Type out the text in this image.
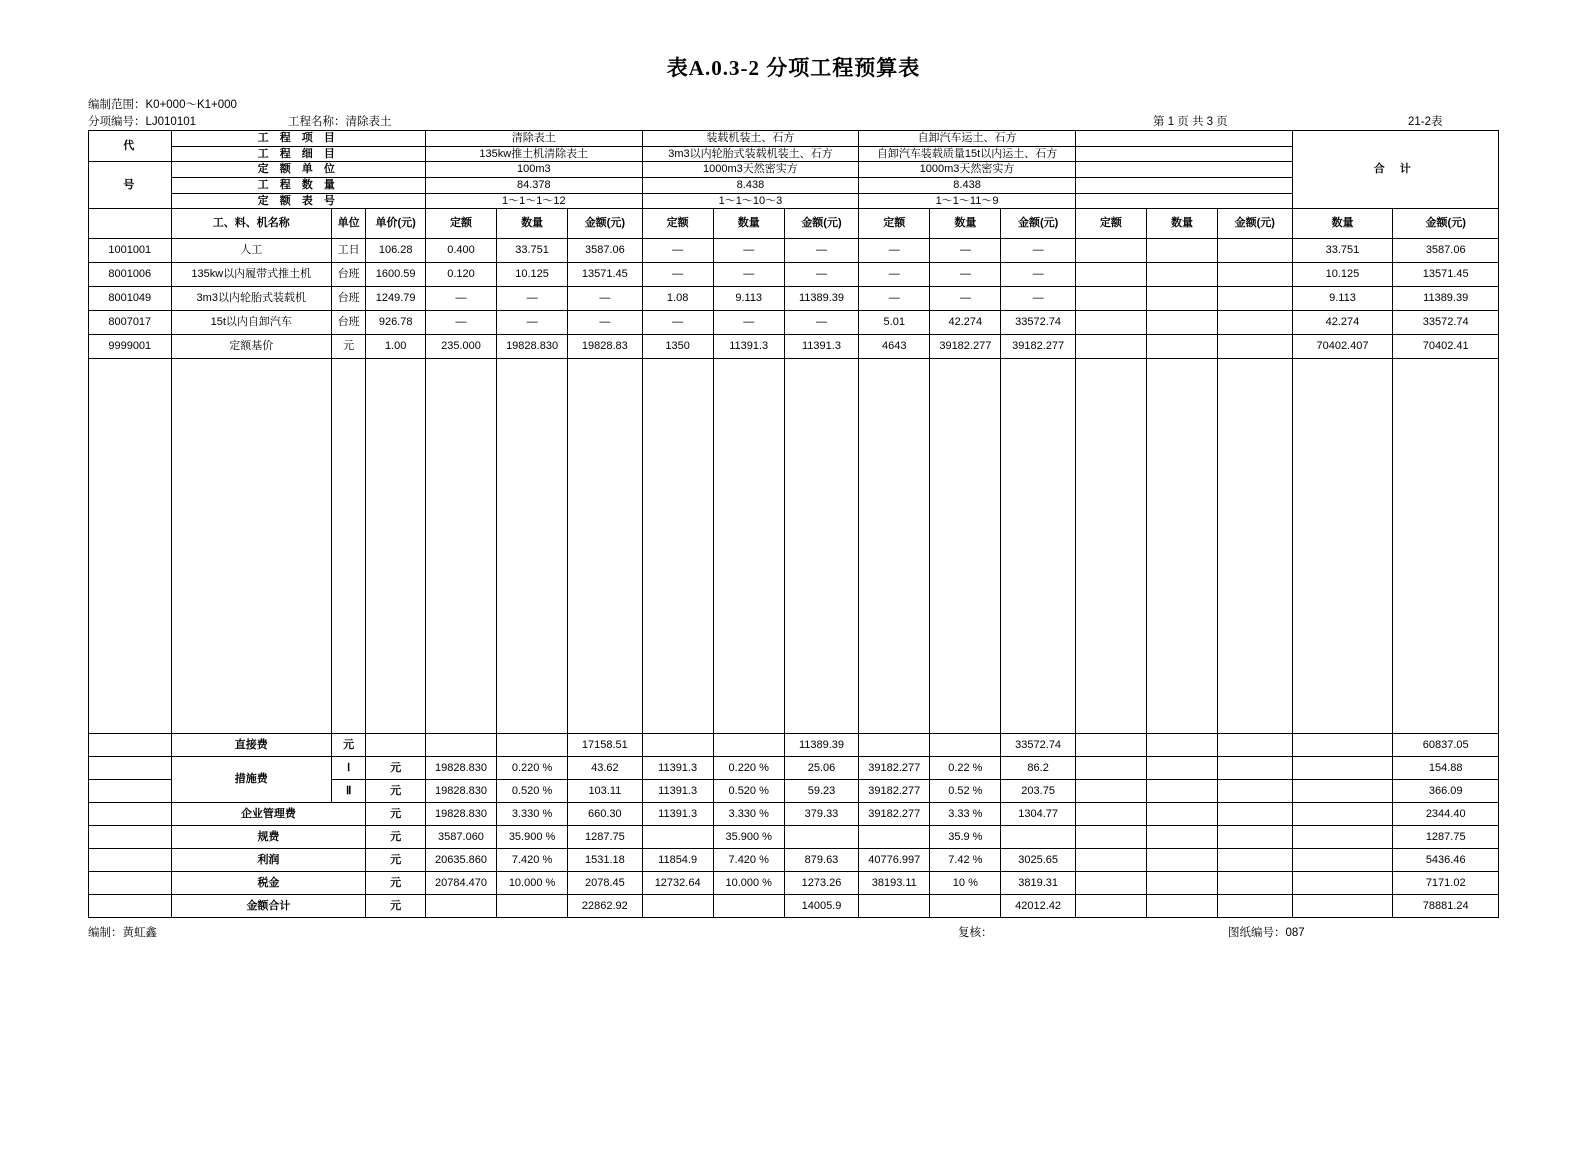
表A.0.3-2 分项工程预算表
编制范围：K0+000～K1+000
分项编号：LJ010101	工程名称：清除表土	第 1 页 共 3 页	21-2表
代	工 程 项 目			清除表土			装载机装土、石方			自卸汽车运土、石方						合 计	
	工 程 细 目			135kw推土机清除表土			3m3以内轮胎式装载机装土、石方			自卸汽车装载质量15t以内运土、石方							
号	定 额 单 位			100m3			1000m3天然密实方			1000m3天然密实方							
	工 程 数 量			84.378			8.438			8.438							
	定 额 表 号			1～1～1～12			1～1～10～3			1～1～11～9							
	工、料、机名称	单位	单价(元)	定额	数量	金额(元)	定额	数量	金额(元)	定额	数量	金额(元)	定额	数量	金额(元)	数量	金额(元)
1001001	人工	工日	106.28	0.400	33.751	3587.06	—	—	—	—	—	—				33.751	3587.06
8001006	135kw以内履带式推土机	台班	1600.59	0.120	10.125	13571.45	—	—	—	—	—	—				10.125	13571.45
8001049	3m3以内轮胎式装载机	台班	1249.79	—	—	—	1.08	9.113	11389.39	—	—	—				9.113	11389.39
8007017	15t以内自卸汽车	台班	926.78	—	—	—	—	—	—	5.01	42.274	33572.74				42.274	33572.74
9999001	定额基价	元	1.00	235.000	19828.830	19828.83	1350	11391.3	11391.3	4643	39182.277	39182.277				70402.407	70402.41

	直接费	元				17158.51			11389.39			33572.74					60837.05
	措施费	Ⅰ	元	19828.830	0.220 %	43.62	11391.3	0.220 %	25.06	39182.277	0.22 %	86.2					154.88
		Ⅱ	元	19828.830	0.520 %	103.11	11391.3	0.520 %	59.23	39182.277	0.52 %	203.75					366.09
	企业管理费		元	19828.830	3.330 %	660.30	11391.3	3.330 %	379.33	39182.277	3.33 %	1304.77					2344.40
	规费		元	3587.060	35.900 %	1287.75		35.900 %			35.9 %						1287.75
	利润		元	20635.860	7.420 %	1531.18	11854.9	7.420 %	879.63	40776.997	7.42 %	3025.65					5436.46
	税金		元	20784.470	10.000 %	2078.45	12732.64	10.000 %	1273.26	38193.11	10 %	3819.31					7171.02
	金额合计		元			22862.92			14005.9			42012.42					78881.24
编制：黄虹鑫	复核：	图纸编号：087
